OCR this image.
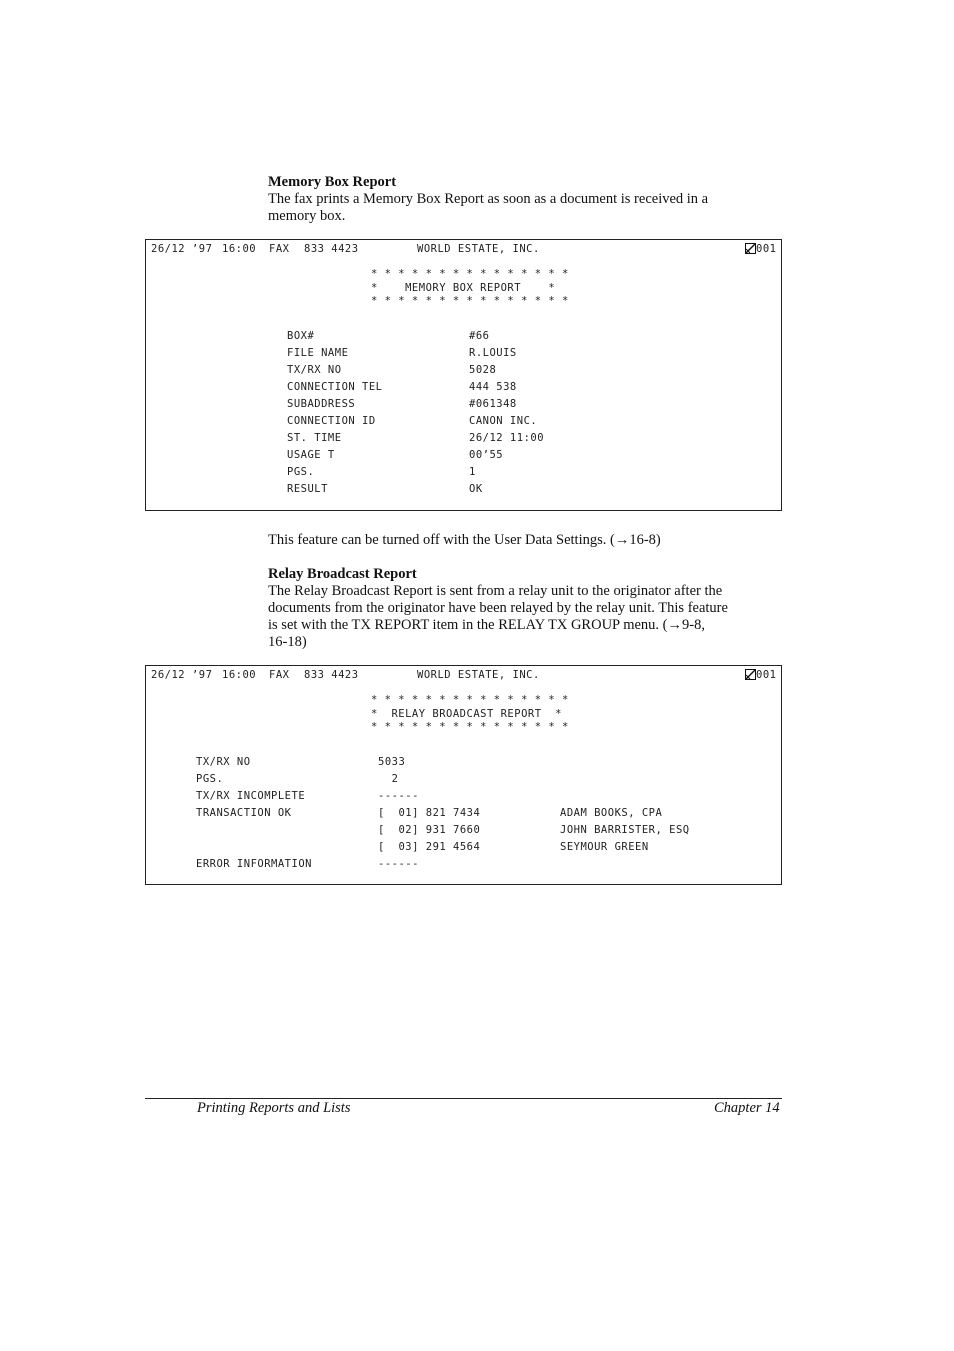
Memory Box Report
The fax prints a Memory Box Report as soon as a document is received in a
memory box.
26/12 ’97 16:00 FAX 833 4423	WORLD ESTATE, INC.	001
* * * * * * * * * * * * * * *
*    MEMORY BOX REPORT    *
* * * * * * * * * * * * * * *
BOX#	#66
FILE NAME	R.LOUIS
TX/RX NO	5028
CONNECTION TEL	444 538
SUBADDRESS	#061348
CONNECTION ID	CANON INC.
ST. TIME	26/12 11:00
USAGE T	00’55
PGS.	1
RESULT	OK
This feature can be turned off with the User Data Settings. (→16-8)
Relay Broadcast Report
The Relay Broadcast Report is sent from a relay unit to the originator after the
documents from the originator have been relayed by the relay unit. This feature
is set with the TX REPORT item in the RELAY TX GROUP menu. (→9-8,
16-18)
26/12 ’97 16:00 FAX 833 4423	WORLD ESTATE, INC.	001
* * * * * * * * * * * * * * *
*  RELAY BROADCAST REPORT  *
* * * * * * * * * * * * * * *
TX/RX NO	5033
PGS.	2
TX/RX INCOMPLETE	------
TRANSACTION OK	[  01] 821 7434	ADAM BOOKS, CPA
[  02] 931 7660	JOHN BARRISTER, ESQ
[  03] 291 4564	SEYMOUR GREEN
ERROR INFORMATION	------
Printing Reports and Lists	Chapter 14
